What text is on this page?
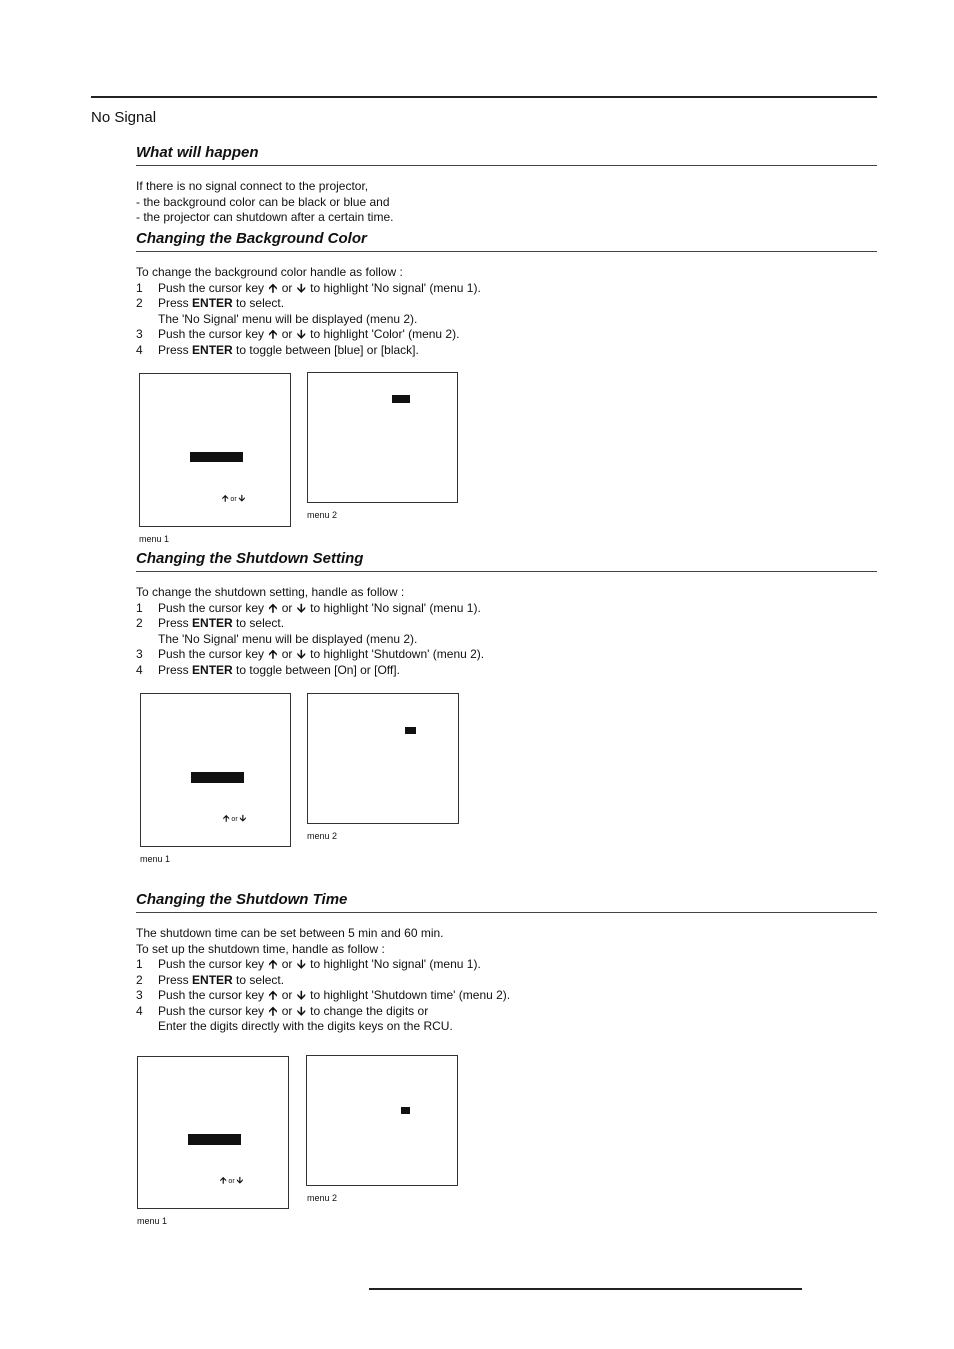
No Signal
What will happen
If there is no signal connect to the projector,
- the background color can be black or blue and
- the projector can shutdown after a certain time.
Changing the Background Color
To change the background color handle as follow :
1	Push the cursor key 🡩 or 🡫 to highlight 'No signal' (menu 1).
2	Press ENTER to select.
The 'No Signal' menu will be displayed (menu 2).
3	Push the cursor key 🡩 or 🡫 to highlight 'Color' (menu 2).
4	Press ENTER to toggle between [blue] or [black].
🡩 or 🡫
menu 1
menu 2
Changing the Shutdown Setting
To change the shutdown setting, handle as follow :
1	Push the cursor key 🡩 or 🡫 to highlight 'No signal' (menu 1).
2	Press ENTER to select.
The 'No Signal' menu will be displayed (menu 2).
3	Push the cursor key 🡩 or 🡫 to highlight 'Shutdown' (menu 2).
4	Press ENTER to toggle between [On] or [Off].
🡩 or 🡫
menu 1
menu 2
Changing the Shutdown Time
The shutdown time can be set between 5 min and 60 min.
To set up the shutdown time, handle as follow :
1	Push the cursor key 🡩 or 🡫 to highlight 'No signal' (menu 1).
2	Press ENTER to select.
3	Push the cursor key 🡩 or 🡫 to highlight 'Shutdown time' (menu 2).
4	Push the cursor key 🡩 or 🡫 to change the digits or
Enter the digits directly with the digits keys on the RCU.
🡩 or 🡫
menu 1
menu 2
